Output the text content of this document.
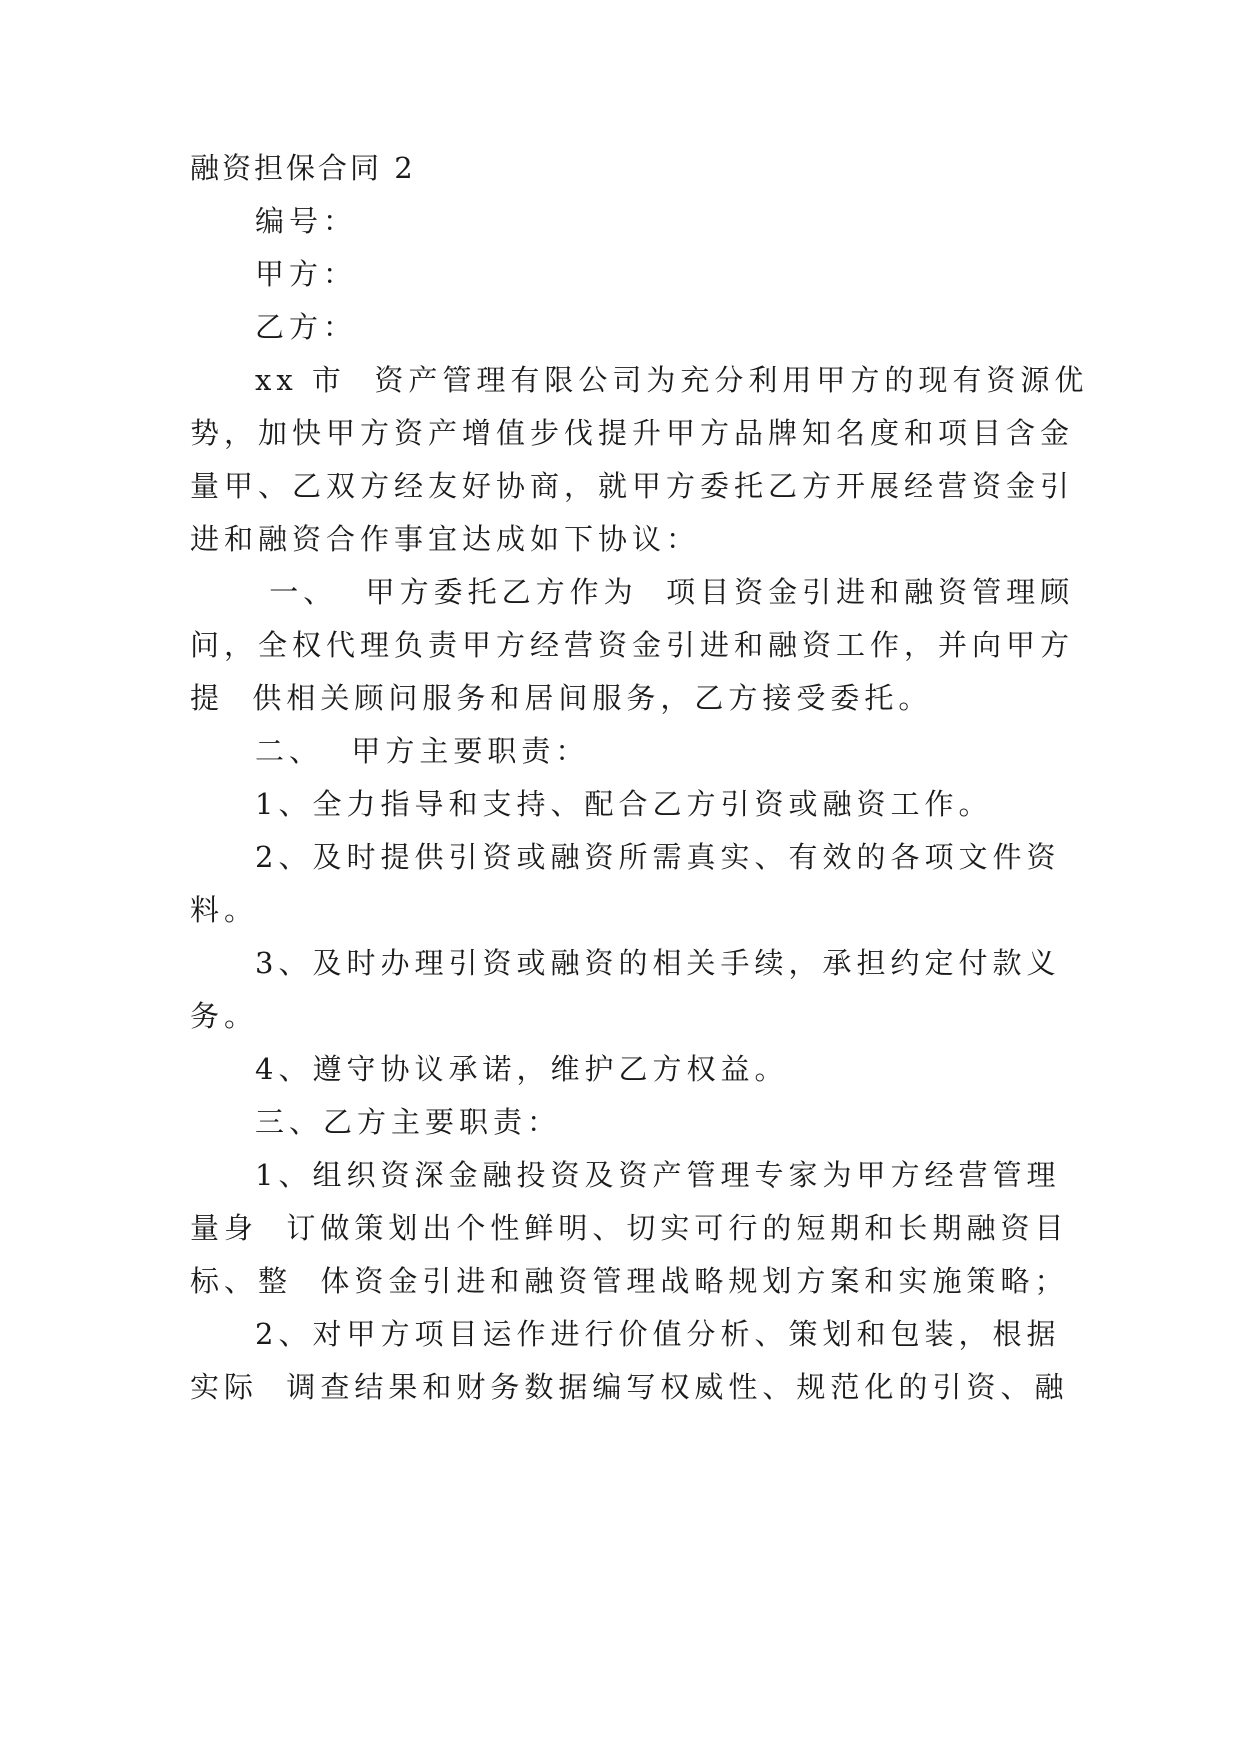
融资担保合同 2
编号：
甲方：
乙方：
xx 市  资产管理有限公司为充分利用甲方的现有资源优
势，加快甲方资产增值步伐提升甲方品牌知名度和项目含金
量甲、乙双方经友好协商，就甲方委托乙方开展经营资金引
进和融资合作事宜达成如下协议：
一、  甲方委托乙方作为  项目资金引进和融资管理顾
问，全权代理负责甲方经营资金引进和融资工作，并向甲方
提  供相关顾问服务和居间服务，乙方接受委托。
二、  甲方主要职责：
1、全力指导和支持、配合乙方引资或融资工作。
2、及时提供引资或融资所需真实、有效的各项文件资
料。
3、及时办理引资或融资的相关手续，承担约定付款义
务。
4、遵守协议承诺，维护乙方权益。
三、乙方主要职责：
1、组织资深金融投资及资产管理专家为甲方经营管理
量身  订做策划出个性鲜明、切实可行的短期和长期融资目
标、整  体资金引进和融资管理战略规划方案和实施策略；
2、对甲方项目运作进行价值分析、策划和包装，根据
实际  调查结果和财务数据编写权威性、规范化的引资、融
